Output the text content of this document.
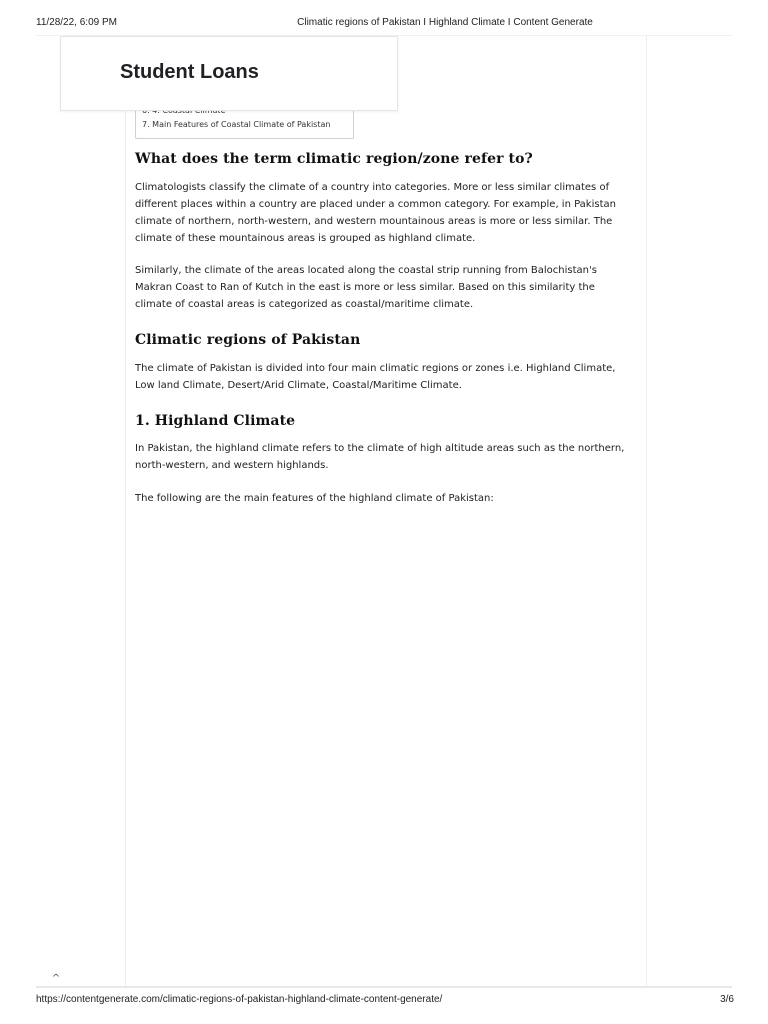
11/28/22, 6:09 PM	Climatic regions of Pakistan I Highland Climate I Content Generate
Student Loans
7. Main Features of Coastal Climate of Pakistan
What does the term climatic region/zone refer to?

Climatologists classify the climate of a country into categories. More or less similar climates of different places within a country are placed under a common category. For example, in Pakistan climate of northern, north-western, and western mountainous areas is more or less similar. The climate of these mountainous areas is grouped as highland climate.

Similarly, the climate of the areas located along the coastal strip running from Balochistan's Makran Coast to Ran of Kutch in the east is more or less similar. Based on this similarity the climate of coastal areas is categorized as coastal/maritime climate.

Climatic regions of Pakistan

The climate of Pakistan is divided into four main climatic regions or zones i.e. Highland Climate, Low land Climate, Desert/Arid Climate, Coastal/Maritime Climate.

1. Highland Climate

In Pakistan, the highland climate refers to the climate of high altitude areas such as the northern, north-western, and western highlands.

The following are the main features of the highland climate of Pakistan:

^
https://contentgenerate.com/climatic-regions-of-pakistan-highland-climate-content-generate/	3/6
